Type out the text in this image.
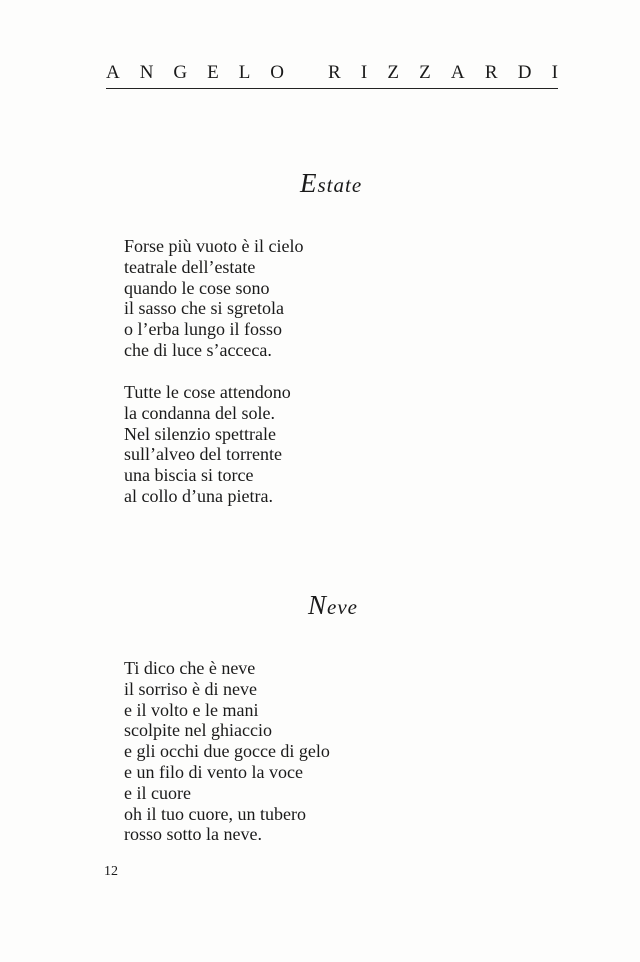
A N G E L O R I Z Z A R D I
Estate
Forse più vuoto è il cielo
teatrale dell’estate
quando le cose sono
il sasso che si sgretola
o l’erba lungo il fosso
che di luce s’acceca.
Tutte le cose attendono
la condanna del sole.
Nel silenzio spettrale
sull’alveo del torrente
una biscia si torce
al collo d’una pietra.
Neve
Ti dico che è neve
il sorriso è di neve
e il volto e le mani
scolpite nel ghiaccio
e gli occhi due gocce di gelo
e un filo di vento la voce
e il cuore
oh il tuo cuore, un tubero
rosso sotto la neve.
12
